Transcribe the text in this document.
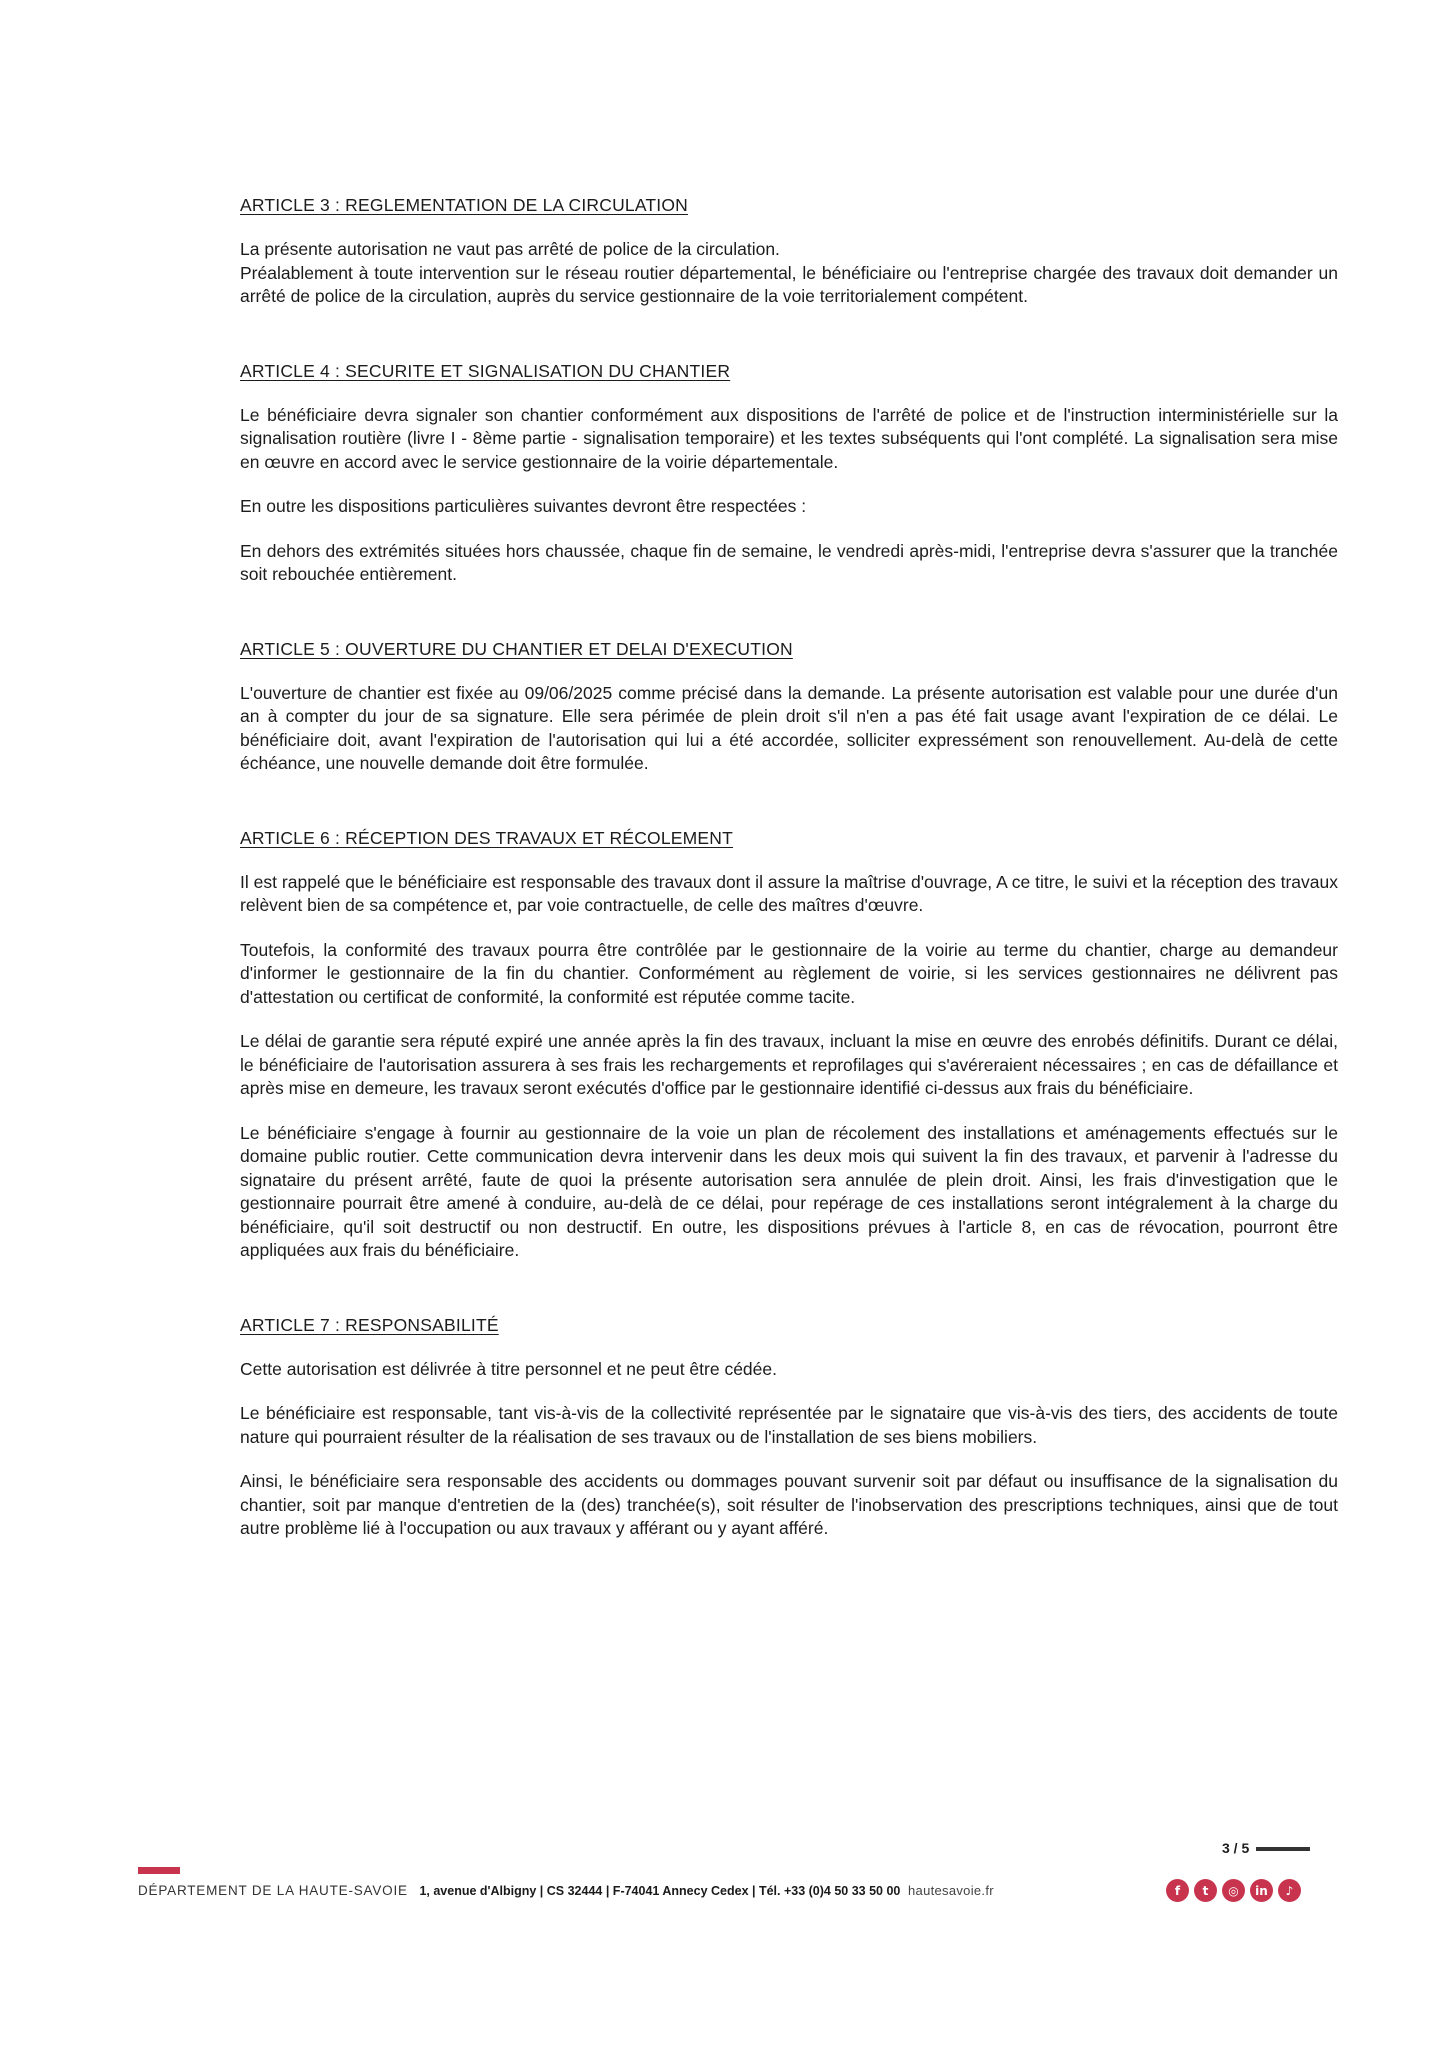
ARTICLE 3 : REGLEMENTATION DE LA CIRCULATION

La présente autorisation ne vaut pas arrêté de police de la circulation.

Préalablement à toute intervention sur le réseau routier départemental, le bénéficiaire ou l'entreprise chargée des travaux doit demander un arrêté de police de la circulation, auprès du service gestionnaire de la voie territorialement compétent.

ARTICLE 4 : SECURITE ET SIGNALISATION DU CHANTIER

Le bénéficiaire devra signaler son chantier conformément aux dispositions de l'arrêté de police et de l'instruction interministérielle sur la signalisation routière (livre I - 8ème partie - signalisation temporaire) et les textes subséquents qui l'ont complété. La signalisation sera mise en œuvre en accord avec le service gestionnaire de la voirie départementale.

En outre les dispositions particulières suivantes devront être respectées :

En dehors des extrémités situées hors chaussée, chaque fin de semaine, le vendredi après-midi, l'entreprise devra s'assurer que la tranchée soit rebouchée entièrement.

ARTICLE 5 : OUVERTURE DU CHANTIER ET DELAI D'EXECUTION

L'ouverture de chantier est fixée au 09/06/2025 comme précisé dans la demande. La présente autorisation est valable pour une durée d'un an à compter du jour de sa signature. Elle sera périmée de plein droit s'il n'en a pas été fait usage avant l'expiration de ce délai. Le bénéficiaire doit, avant l'expiration de l'autorisation qui lui a été accordée, solliciter expressément son renouvellement. Au-delà de cette échéance, une nouvelle demande doit être formulée.

ARTICLE 6 : RÉCEPTION DES TRAVAUX ET RÉCOLEMENT

Il est rappelé que le bénéficiaire est responsable des travaux dont il assure la maîtrise d'ouvrage, A ce titre, le suivi et la réception des travaux relèvent bien de sa compétence et, par voie contractuelle, de celle des maîtres d'œuvre.

Toutefois, la conformité des travaux pourra être contrôlée par le gestionnaire de la voirie au terme du chantier, charge au demandeur d'informer le gestionnaire de la fin du chantier. Conformément au règlement de voirie, si les services gestionnaires ne délivrent pas d'attestation ou certificat de conformité, la conformité est réputée comme tacite.

Le délai de garantie sera réputé expiré une année après la fin des travaux, incluant la mise en œuvre des enrobés définitifs. Durant ce délai, le bénéficiaire de l'autorisation assurera à ses frais les rechargements et reprofilages qui s'avéreraient nécessaires ; en cas de défaillance et après mise en demeure, les travaux seront exécutés d'office par le gestionnaire identifié ci-dessus aux frais du bénéficiaire.

Le bénéficiaire s'engage à fournir au gestionnaire de la voie un plan de récolement des installations et aménagements effectués sur le domaine public routier. Cette communication devra intervenir dans les deux mois qui suivent la fin des travaux, et parvenir à l'adresse du signataire du présent arrêté, faute de quoi la présente autorisation sera annulée de plein droit. Ainsi, les frais d'investigation que le gestionnaire pourrait être amené à conduire, au-delà de ce délai, pour repérage de ces installations seront intégralement à la charge du bénéficiaire, qu'il soit destructif ou non destructif. En outre, les dispositions prévues à l'article 8, en cas de révocation, pourront être appliquées aux frais du bénéficiaire.

ARTICLE 7 : RESPONSABILITÉ

Cette autorisation est délivrée à titre personnel et ne peut être cédée.

Le bénéficiaire est responsable, tant vis-à-vis de la collectivité représentée par le signataire que vis-à-vis des tiers, des accidents de toute nature qui pourraient résulter de la réalisation de ses travaux ou de l'installation de ses biens mobiliers.

Ainsi, le bénéficiaire sera responsable des accidents ou dommages pouvant survenir soit par défaut ou insuffisance de la signalisation du chantier, soit par manque d'entretien de la (des) tranchée(s), soit résulter de l'inobservation des prescriptions techniques, ainsi que de tout autre problème lié à l'occupation ou aux travaux y afférant ou y ayant afféré.

3 / 5
DÉPARTEMENT DE LA HAUTE-SAVOIE 1, avenue d'Albigny | CS 32444 | F-74041 Annecy Cedex | Tél. +33 (0)4 50 33 50 00 hautesavoie.fr	f	t	◎	in	♪
